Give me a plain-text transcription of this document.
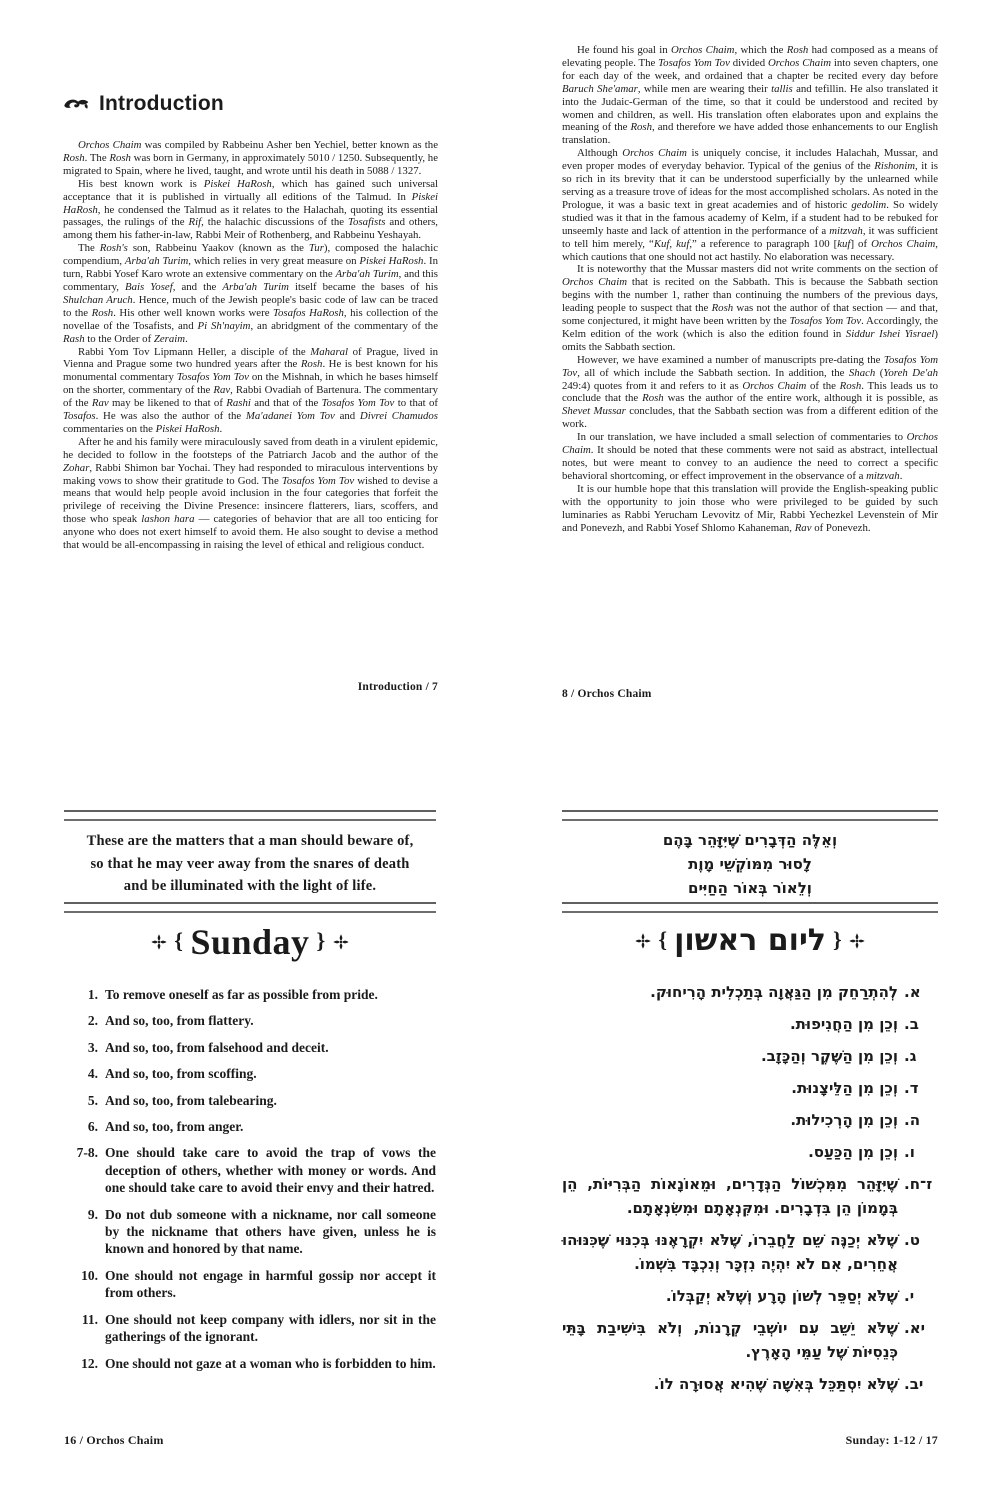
Introduction

Orchos Chaim was compiled by Rabbeinu Asher ben Yechiel, better known as the Rosh. The Rosh was born in Germany, in approximately 5010 / 1250. Subsequently, he migrated to Spain, where he lived, taught, and wrote until his death in 5088 / 1327.

His best known work is Piskei HaRosh, which has gained such universal acceptance that it is published in virtually all editions of the Talmud. In Piskei HaRosh, he condensed the Talmud as it relates to the Halachah, quoting its essential passages, the rulings of the Rif, the halachic discussions of the Tosafists and others, among them his father-in-law, Rabbi Meir of Rothenberg, and Rabbeinu Yeshayah.

The Rosh's son, Rabbeinu Yaakov (known as the Tur), composed the halachic compendium, Arba'ah Turim, which relies in very great measure on Piskei HaRosh. In turn, Rabbi Yosef Karo wrote an extensive commentary on the Arba'ah Turim, and this commentary, Bais Yosef, and the Arba'ah Turim itself became the bases of his Shulchan Aruch. Hence, much of the Jewish people's basic code of law can be traced to the Rosh. His other well known works were Tosafos HaRosh, his collection of the novellae of the Tosafists, and Pi Sh'nayim, an abridgment of the commentary of the Rash to the Order of Zeraim.

Rabbi Yom Tov Lipmann Heller, a disciple of the Maharal of Prague, lived in Vienna and Prague some two hundred years after the Rosh. He is best known for his monumental commentary Tosafos Yom Tov on the Mishnah, in which he bases himself on the shorter, commentary of the Rav, Rabbi Ovadiah of Bartenura. The commentary of the Rav may be likened to that of Rashi and that of the Tosafos Yom Tov to that of Tosafos. He was also the author of the Ma'adanei Yom Tov and Divrei Chamudos commentaries on the Piskei HaRosh.

After he and his family were miraculously saved from death in a virulent epidemic, he decided to follow in the footsteps of the Patriarch Jacob and the author of the Zohar, Rabbi Shimon bar Yochai. They had responded to miraculous interventions by making vows to show their gratitude to God. The Tosafos Yom Tov wished to devise a means that would help people avoid inclusion in the four categories that forfeit the privilege of receiving the Divine Presence: insincere flatterers, liars, scoffers, and those who speak lashon hara — categories of behavior that are all too enticing for anyone who does not exert himself to avoid them. He also sought to devise a method that would be all-encompassing in raising the level of ethical and religious conduct.

Introduction / 7

He found his goal in Orchos Chaim, which the Rosh had composed as a means of elevating people. The Tosafos Yom Tov divided Orchos Chaim into seven chapters, one for each day of the week, and ordained that a chapter be recited every day before Baruch She'amar, while men are wearing their tallis and tefillin. He also translated it into the Judaic-German of the time, so that it could be understood and recited by women and children, as well. His translation often elaborates upon and explains the meaning of the Rosh, and therefore we have added those enhancements to our English translation.

Although Orchos Chaim is uniquely concise, it includes Halachah, Mussar, and even proper modes of everyday behavior. Typical of the genius of the Rishonim, it is so rich in its brevity that it can be understood superficially by the unlearned while serving as a treasure trove of ideas for the most accomplished scholars. As noted in the Prologue, it was a basic text in great academies and of historic gedolim. So widely studied was it that in the famous academy of Kelm, if a student had to be rebuked for unseemly haste and lack of attention in the performance of a mitzvah, it was sufficient to tell him merely, “Kuf, kuf,” a reference to paragraph 100 [kuf] of Orchos Chaim, which cautions that one should not act hastily. No elaboration was necessary.

It is noteworthy that the Mussar masters did not write comments on the section of Orchos Chaim that is recited on the Sabbath. This is because the Sabbath section begins with the number 1, rather than continuing the numbers of the previous days, leading people to suspect that the Rosh was not the author of that section — and that, some conjectured, it might have been written by the Tosafos Yom Tov. Accordingly, the Kelm edition of the work (which is also the edition found in Siddur Ishei Yisrael) omits the Sabbath section.

However, we have examined a number of manuscripts pre-dating the Tosafos Yom Tov, all of which include the Sabbath section. In addition, the Shach (Yoreh De'ah 249:4) quotes from it and refers to it as Orchos Chaim of the Rosh. This leads us to conclude that the Rosh was the author of the entire work, although it is possible, as Shevet Mussar concludes, that the Sabbath section was from a different edition of the work.

In our translation, we have included a small selection of commentaries to Orchos Chaim. It should be noted that these comments were not said as abstract, intellectual notes, but were meant to convey to an audience the need to correct a specific behavioral shortcoming, or effect improvement in the observance of a mitzvah.

It is our humble hope that this translation will provide the English-speaking public with the opportunity to join those who were privileged to be guided by such luminaries as Rabbi Yerucham Levovitz of Mir, Rabbi Yechezkel Levenstein of Mir and Ponevezh, and Rabbi Yosef Shlomo Kahaneman, Rav of Ponevezh.

8 / Orchos Chaim
These are the matters that a man should beware of,
so that he may veer away from the snares of death
and be illuminated with the light of life.
{ Sunday }
1. To remove oneself as far as possible from pride.
2. And so, too, from flattery.
3. And so, too, from falsehood and deceit.
4. And so, too, from scoffing.
5. And so, too, from talebearing.
6. And so, too, from anger.
7-8. One should take care to avoid the trap of vows the deception of others, whether with money or words. And one should take care to avoid their envy and their hatred.
9. Do not dub someone with a nickname, nor call someone by the nickname that others have given, unless he is known and honored by that name.
10. One should not engage in harmful gossip nor accept it from others.
11. One should not keep company with idlers, nor sit in the gatherings of the ignorant.
12. One should not gaze at a woman who is forbidden to him.
16 / Orchos Chaim
וְאֵלֶּה הַדְּבָרִים שֶׁיִּזָּהֵר בָּהֶם
לָסוּר מִמּוֹקְשֵׁי מָוֶת
וְלֵאוֹר בְּאוֹר הַחַיִּים
{ ליום ראשון }
א.
לְהִתְרַחֵק מִן הַגַּאֲוָה בְּתַכְלִית הָרִיחוּק.
ב.
וְכֵן מִן הַחֲנִיפוּת.
ג.
וְכֵן מִן הַשֶּׁקֶר וְהַכָּזָב.
ד.
וְכֵן מִן הַלֵּיצָנוּת.
ה.
וְכֵן מִן הָרְכִילוּת.
ו.
וְכֵן מִן הַכַּעַס.
ז־ח.
שֶׁיִּזָּהֵר מִמִּכְשׁוֹל הַנְּדָרִים, וּמֵאוֹנָאוֹת הַבְּרִיּוֹת, הֵן בְּמָמוֹן הֵן בִּדְבָרִים. וּמִקִּנְאָתָם וּמִשִּׂנְאָתָם.
ט.
שֶׁלֹּא יְכַנֶּה שֵׁם לַחֲבֵרוֹ, שֶׁלֹּא יִקְרָאֶנּוּ בְּכִנּוּי שֶׁכִּנּוּהוּ אֲחֵרִים, אִם לֹא יִהְיֶה נִזְכָּר וְנִכְבָּד בִּשְׁמוֹ.
י.
שֶׁלֹּא יְסַפֵּר לְשׁוֹן הָרָע וְשֶׁלֹּא יְקַבְּלוֹ.
יא.
שֶׁלֹּא יֵשֵׁב עִם יוֹשְׁבֵי קְרָנוֹת, וְלֹא בִּישִׁיבַת בָּתֵּי כְּנֵסִיּוֹת שֶׁל עַמֵּי הָאָרֶץ.
יב.
שֶׁלֹּא יִסְתַּכֵּל בְּאִשָּׁה שֶׁהִיא אֲסוּרָה לוֹ.
Sunday: 1-12 / 17
